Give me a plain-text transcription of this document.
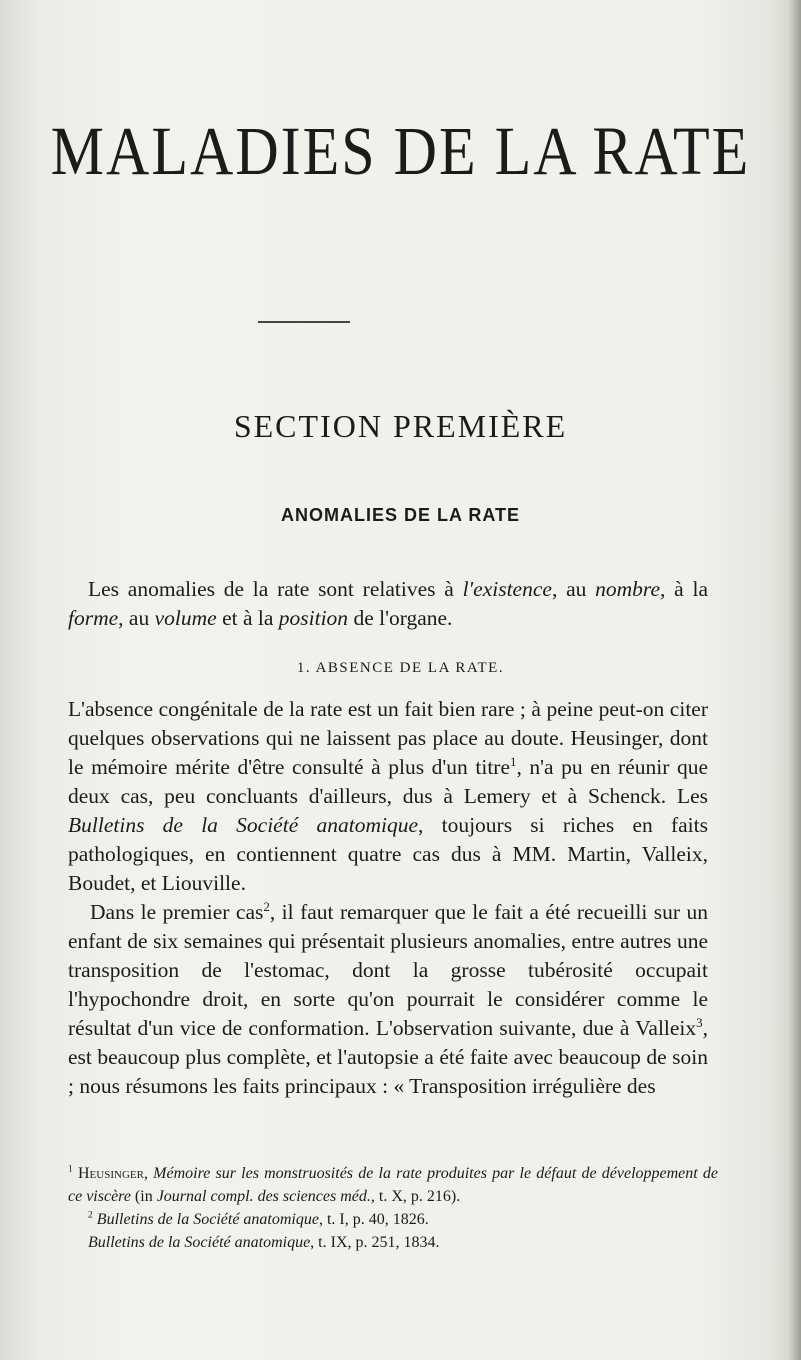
MALADIES DE LA RATE
SECTION PREMIÈRE
ANOMALIES DE LA RATE
Les anomalies de la rate sont relatives à l'existence, au nombre, à la forme, au volume et à la position de l'organe.
1. ABSENCE DE LA RATE.

L'absence congénitale de la rate est un fait bien rare ; à peine peut-on citer quelques observations qui ne laissent pas place au doute. Heusinger, dont le mémoire mérite d'être consulté à plus d'un titre$^1$, n'a pu en réunir que deux cas, peu concluants d'ailleurs, dus à Lemery et à Schenck. Les Bulletins de la Société anatomique, toujours si riches en faits pathologiques, en contiennent quatre cas dus à MM. Martin, Valleix, Boudet, et Liouville.

Dans le premier cas$^2$, il faut remarquer que le fait a été recueilli sur un enfant de six semaines qui présentait plusieurs anomalies, entre autres une transposition de l'estomac, dont la grosse tubérosité occupait l'hypochondre droit, en sorte qu'on pourrait le considérer comme le résultat d'un vice de conformation. L'observation suivante, due à Valleix$^3$, est beaucoup plus complète, et l'autopsie a été faite avec beaucoup de soin ; nous résumons les faits principaux : « Transposition irrégulière des

$^1$ Heusinger, Mémoire sur les monstruosités de la rate produites par le défaut de développement de ce viscère (in Journal compl. des sciences méd., t. X, p. 216).

$^2$ Bulletins de la Société anatomique, t. I, p. 40, 1826.

Bulletins de la Société anatomique, t. IX, p. 251, 1834.
